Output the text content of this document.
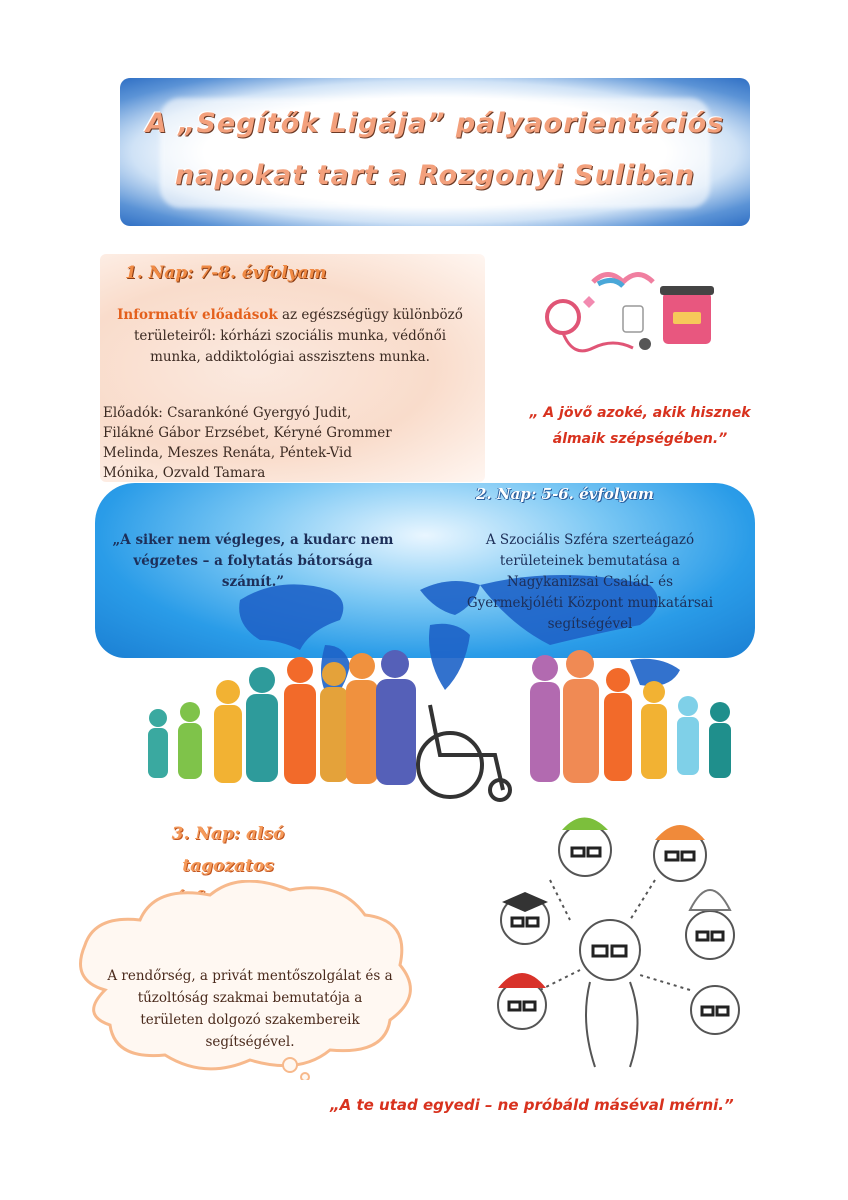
A „Segítők Ligája” pályaorientációs
napokat tart a Rozgonyi Suliban
1. Nap: 7-8. évfolyam
Informatív előadások az egészségügy különböző területeiről: kórházi szociális munka, védőnői munka, addiktológiai asszisztens munka.
Előadók: Csarankóné Gyergyó Judit, Filákné Gábor Erzsébet, Kéryné Grommer Melinda, Meszes Renáta, Péntek-Vid Mónika, Ozvald Tamara
„ A jövő azoké, akik hisznek álmaik szépségében.”
2. Nap: 5-6. évfolyam
„A siker nem végleges, a kudarc nem végzetes – a folytatás bátorsága számít.”
A Szociális Szféra szerteágazó területeinek bemutatása a Nagykanizsai Család- és Gyermekjóléti Központ munkatársai segítségével
3. Nap: alsó tagozatos
A rendőrség, a privát mentőszolgálat és a tűzoltóság szakmai bemutatója a területen dolgozó szakembereik segítségével.
„A te utad egyedi – ne próbáld máséval mérni.”
